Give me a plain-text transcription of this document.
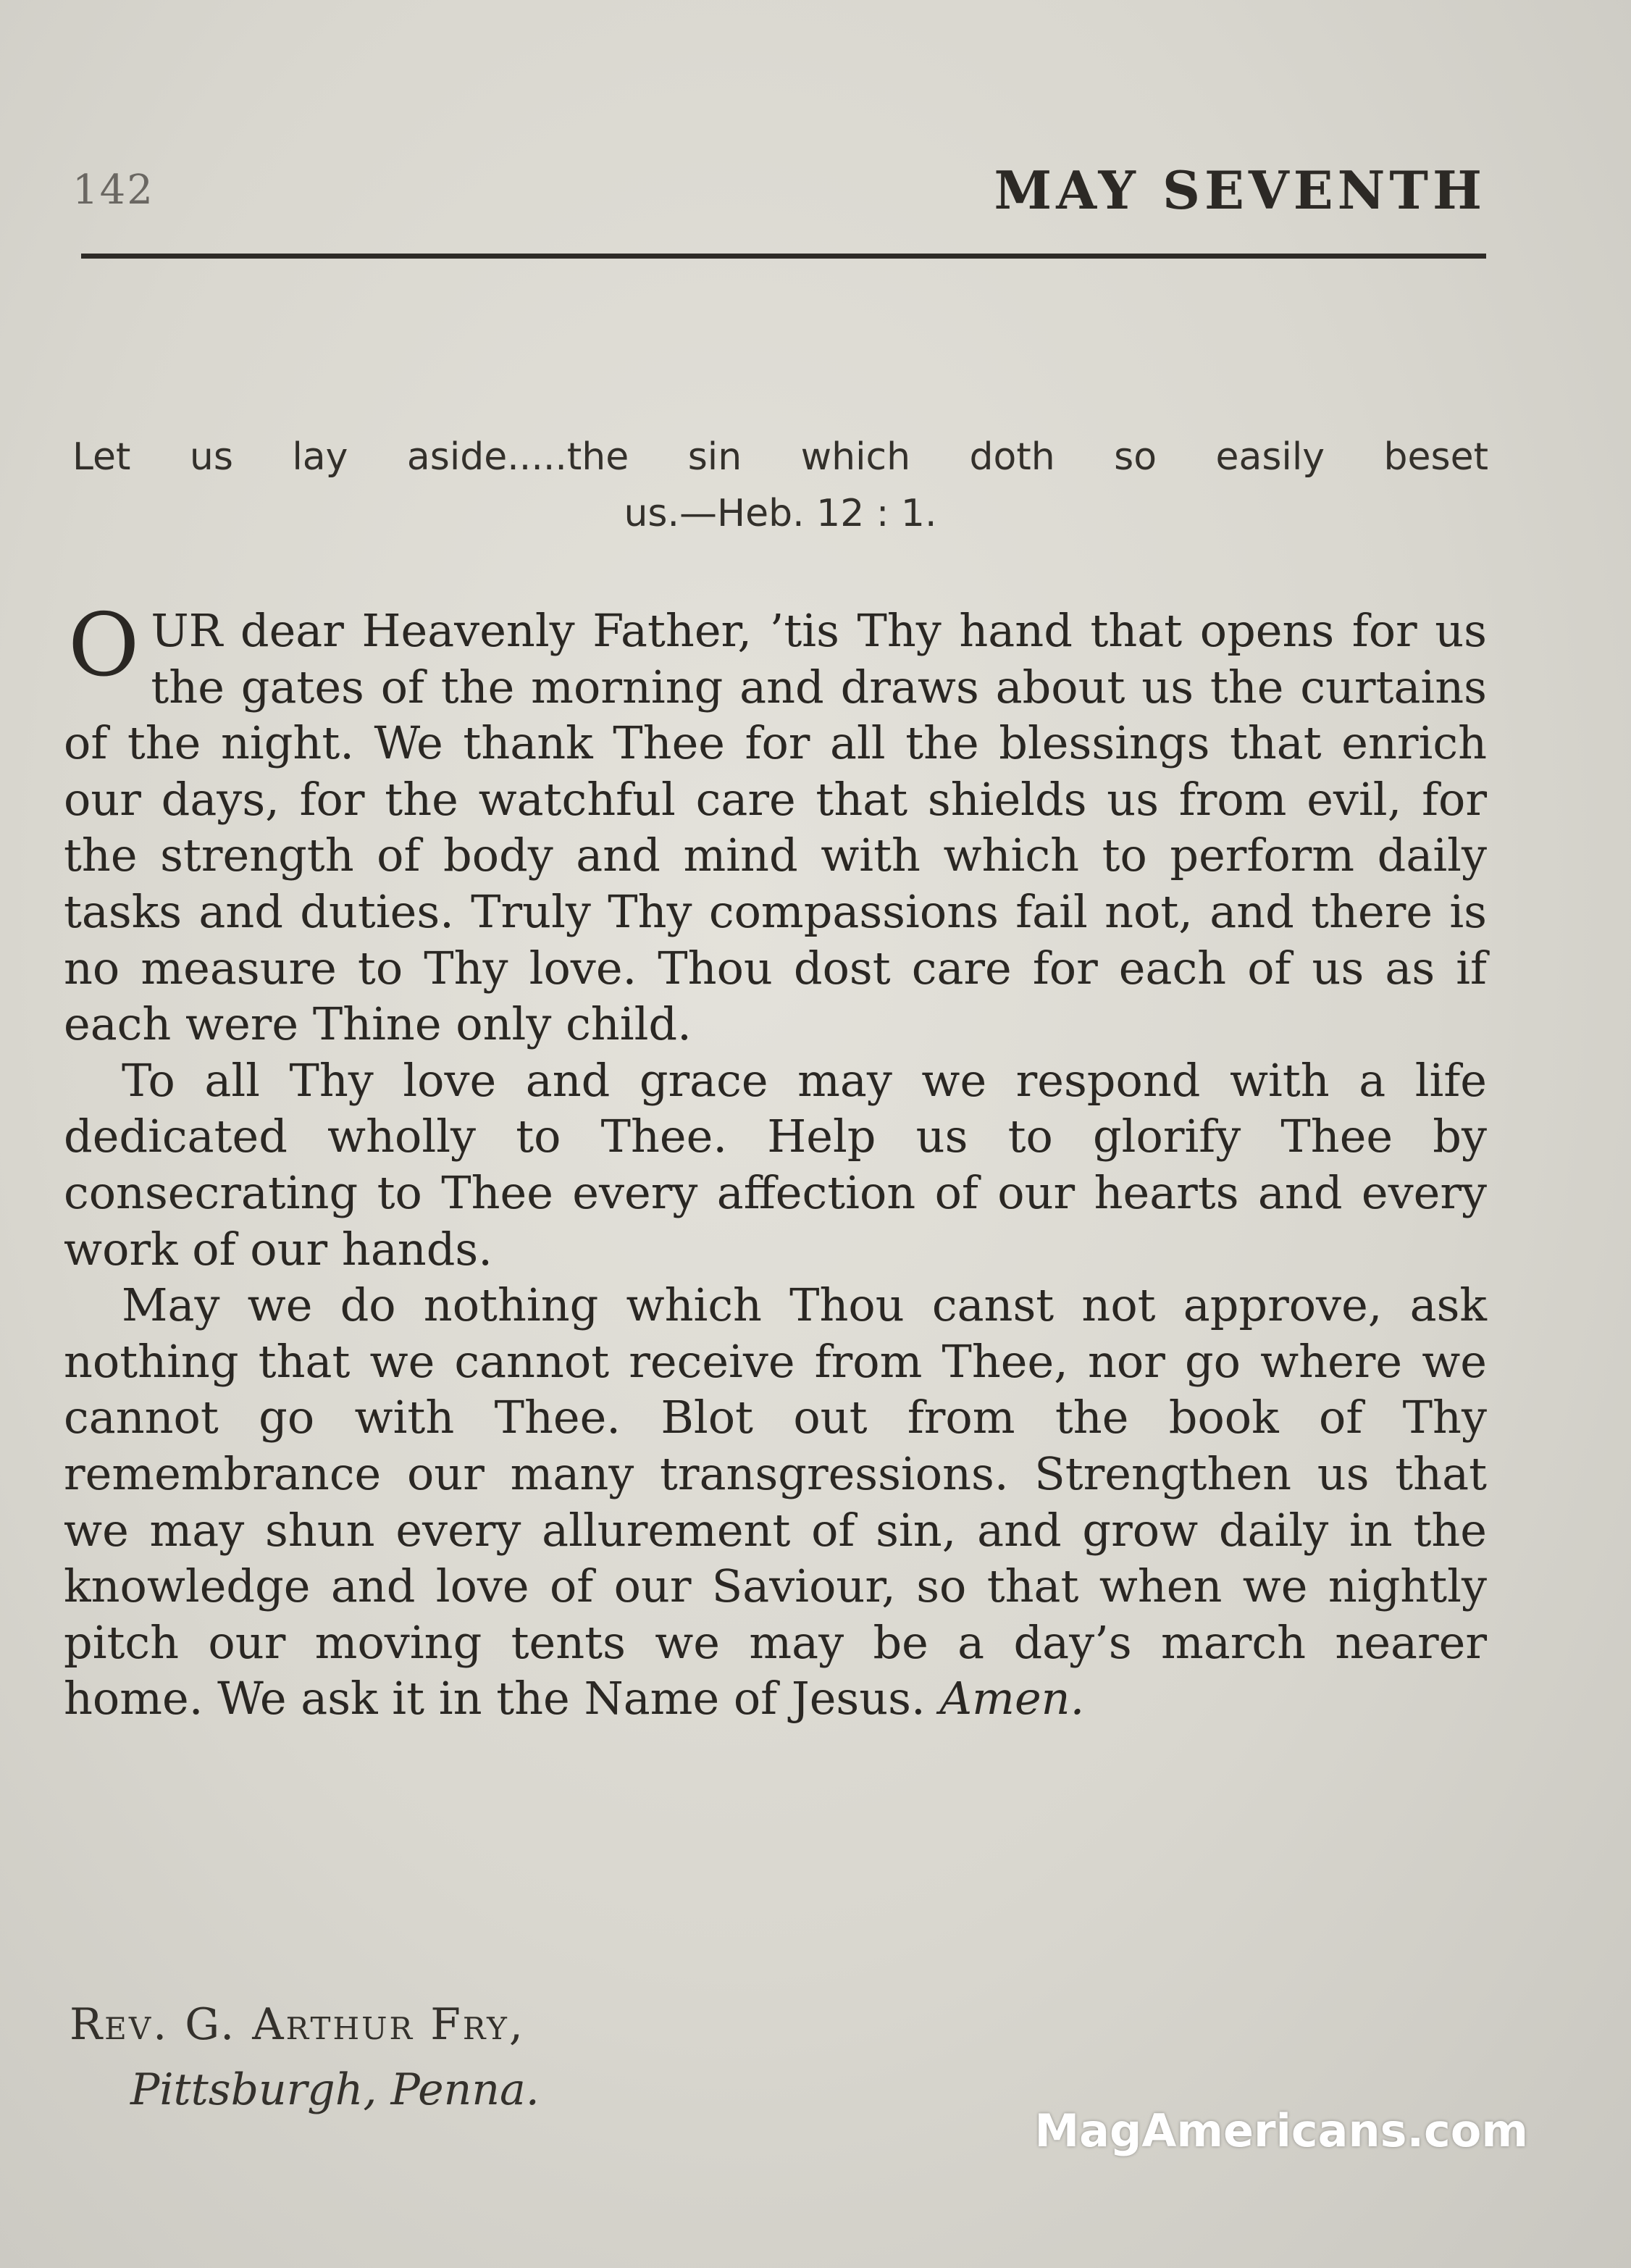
142	MAY SEVENTH
Let us lay aside.....the sin which doth so easily beset
us.—Heb. 12 : 1.

OUR dear Heavenly Father, ’tis Thy hand that opens for us the gates of the morning and draws about us the curtains of the night. We thank Thee for all the blessings that enrich our days, for the watchful care that shields us from evil, for the strength of body and mind with which to perform daily tasks and duties. Truly Thy compassions fail not, and there is no measure to Thy love. Thou dost care for each of us as if each were Thine only child.

To all Thy love and grace may we respond with a life dedicated wholly to Thee. Help us to glorify Thee by consecrating to Thee every affection of our hearts and every work of our hands.

May we do nothing which Thou canst not approve, ask nothing that we cannot receive from Thee, nor go where we cannot go with Thee. Blot out from the book of Thy remembrance our many transgressions. Strengthen us that we may shun every allurement of sin, and grow daily in the knowledge and love of our Saviour, so that when we nightly pitch our moving tents we may be a day’s march nearer home. We ask it in the Name of Jesus. Amen.

Rev. G. Arthur Fry,
Pittsburgh, Penna.
MagAmericans.com
